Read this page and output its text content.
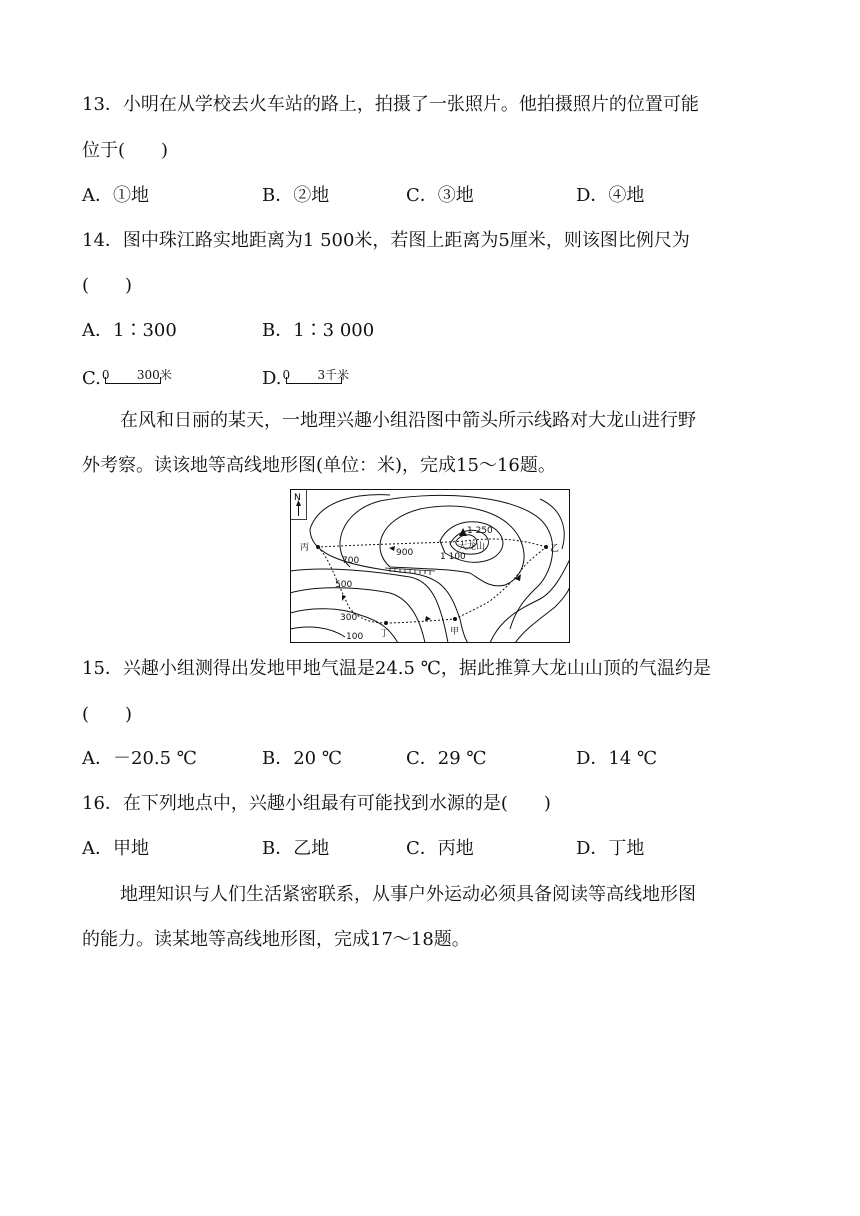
13．小明在从学校去火车站的路上，拍摄了一张照片。他拍摄照片的位置可能
位于(　　)
A．①地	B．②地	C．③地	D．④地
14．图中珠江路实地距离为1 500米，若图上距离为5厘米，则该图比例尺为
(　　)
A．1∶300	B．1∶3 000
C. 0 300米	D. 0 3千米
在风和日丽的某天，一地理兴趣小组沿图中箭头所示线路对大龙山进行野
外考察。读该地等高线地形图(单位：米)，完成15～16题。
N
1 250
大龙山
丙	乙
甲
丁
700
900	1 100
500
300
100
15．兴趣小组测得出发地甲地气温是24.5 ℃，据此推算大龙山山顶的气温约是
(　　)
A．－20.5 ℃	B．20 ℃	C．29 ℃	D．14 ℃
16．在下列地点中，兴趣小组最有可能找到水源的是(　　)
A．甲地	B．乙地	C．丙地	D．丁地
地理知识与人们生活紧密联系，从事户外运动必须具备阅读等高线地形图
的能力。读某地等高线地形图，完成17～18题。
